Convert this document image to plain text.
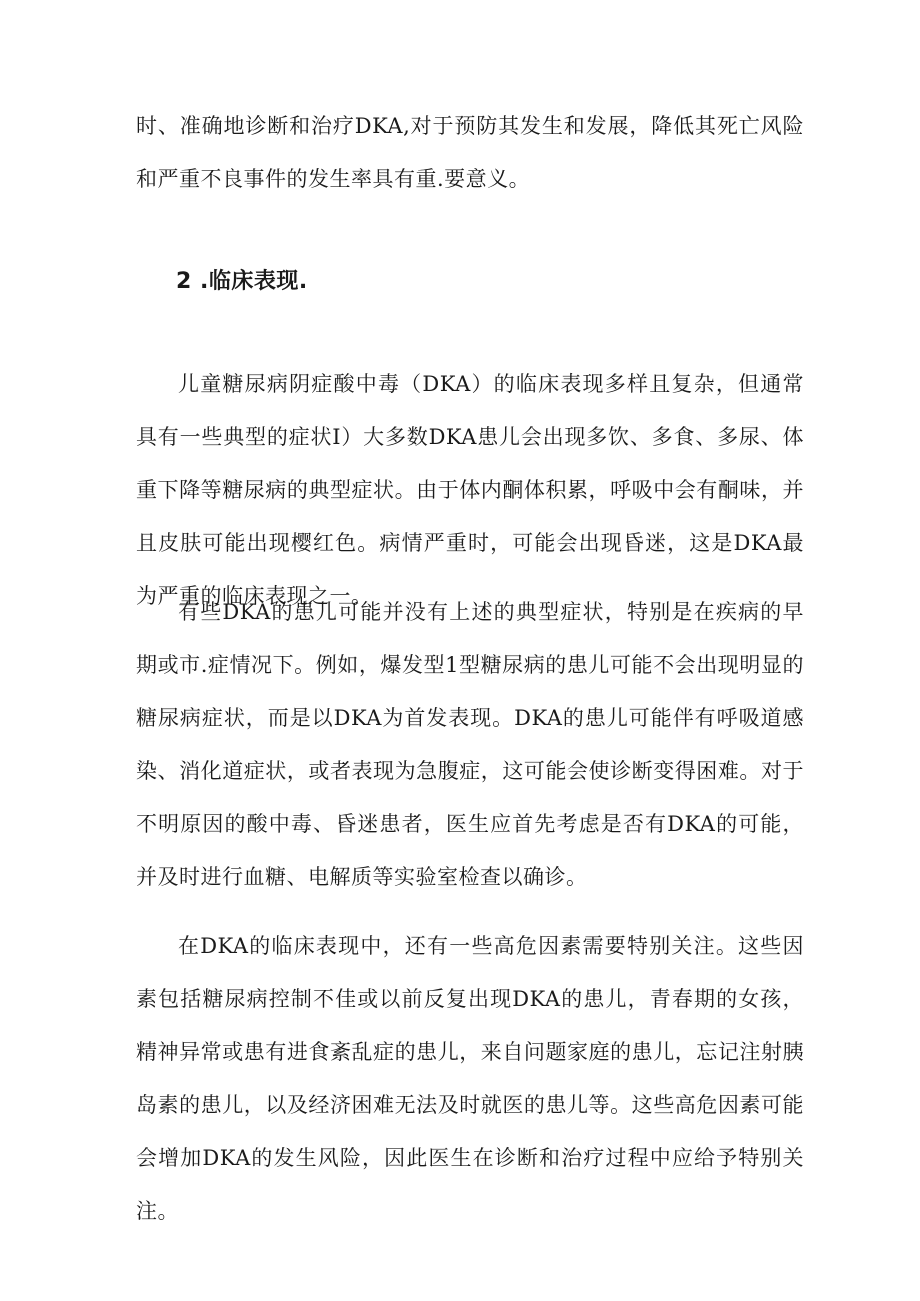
时、准确地诊断和治疗DKA,对于预防其发生和发展，降低其死亡风险和严重不良事件的发生率具有重.要意义。

2 .临床表现.

儿童糖尿病阴症酸中毒（DKA）的临床表现多样且复杂，但通常具有一些典型的症状I）大多数DKA患儿会出现多饮、多食、多尿、体重下降等糖尿病的典型症状。由于体内酮体积累，呼吸中会有酮味，并且皮肤可能出现樱红色。病情严重时，可能会出现昏迷，这是DKA最为严重的临床表现之一。

有些DKA的患儿可能并没有上述的典型症状，特别是在疾病的早期或市.症情况下。例如，爆发型1型糖尿病的患儿可能不会出现明显的糖尿病症状，而是以DKA为首发表现。DKA的患儿可能伴有呼吸道感染、消化道症状，或者表现为急腹症，这可能会使诊断变得困难。对于不明原因的酸中毒、昏迷患者，医生应首先考虑是否有DKA的可能，并及时进行血糖、电解质等实验室检查以确诊。

在DKA的临床表现中，还有一些高危因素需要特别关注。这些因素包括糖尿病控制不佳或以前反复出现DKA的患儿，青春期的女孩，精神异常或患有进食紊乱症的患儿，来自问题家庭的患儿，忘记注射胰岛素的患儿，以及经济困难无法及时就医的患儿等。这些高危因素可能会增加DKA的发生风险，因此医生在诊断和治疗过程中应给予特别关注。
